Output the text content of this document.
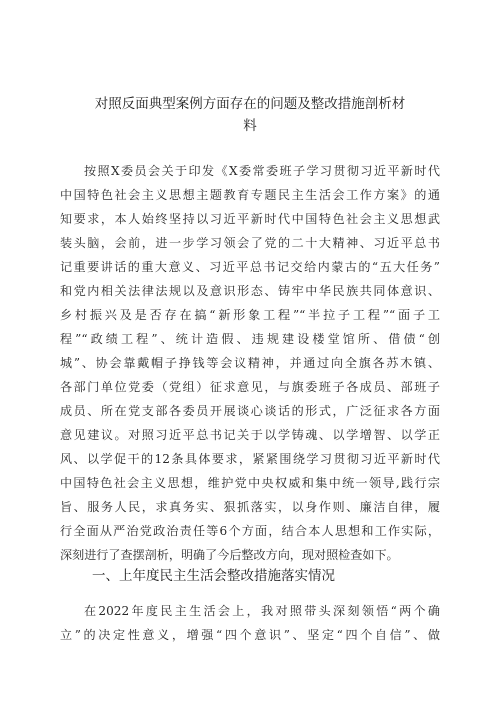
对照反面典型案例方面存在的问题及整改措施剖析材
料
按照X委员会关于印发《X委常委班子学习贯彻习近平新时代
中国特色社会主义思想主题教育专题民主生活会工作方案》的通
知要求，本人始终坚持以习近平新时代中国特色社会主义思想武
装头脑，会前，进一步学习领会了党的二十大精神、习近平总书
记重要讲话的重大意义、习近平总书记交给内蒙古的“五大任务”
和党内相关法律法规以及意识形态、铸牢中华民族共同体意识、
乡村振兴及是否存在搞“新形象工程”“半拉子工程”“面子工
程”“政绩工程”、统计造假、违规建设楼堂馆所、借债“创
城”、协会靠戴帽子挣钱等会议精神，并通过向全旗各苏木镇、
各部门单位党委（党组）征求意见，与旗委班子各成员、部班子
成员、所在党支部各委员开展谈心谈话的形式，广泛征求各方面
意见建议。对照习近平总书记关于以学铸魂、以学增智、以学正
风、以学促干的12条具体要求，紧紧围绕学习贯彻习近平新时代
中国特色社会主义思想，维护党中央权威和集中统一领导,践行宗
旨、服务人民，求真务实、狠抓落实，以身作则、廉洁自律，履
行全面从严治党政治责任等6个方面，结合本人思想和工作实际，
深刻进行了查摆剖析，明确了今后整改方向，现对照检查如下。
一、上年度民主生活会整改措施落实情况
在2022年度民主生活会上，我对照带头深刻领悟“两个确
立”的决定性意义，增强“四个意识”、坚定“四个自信”、做
